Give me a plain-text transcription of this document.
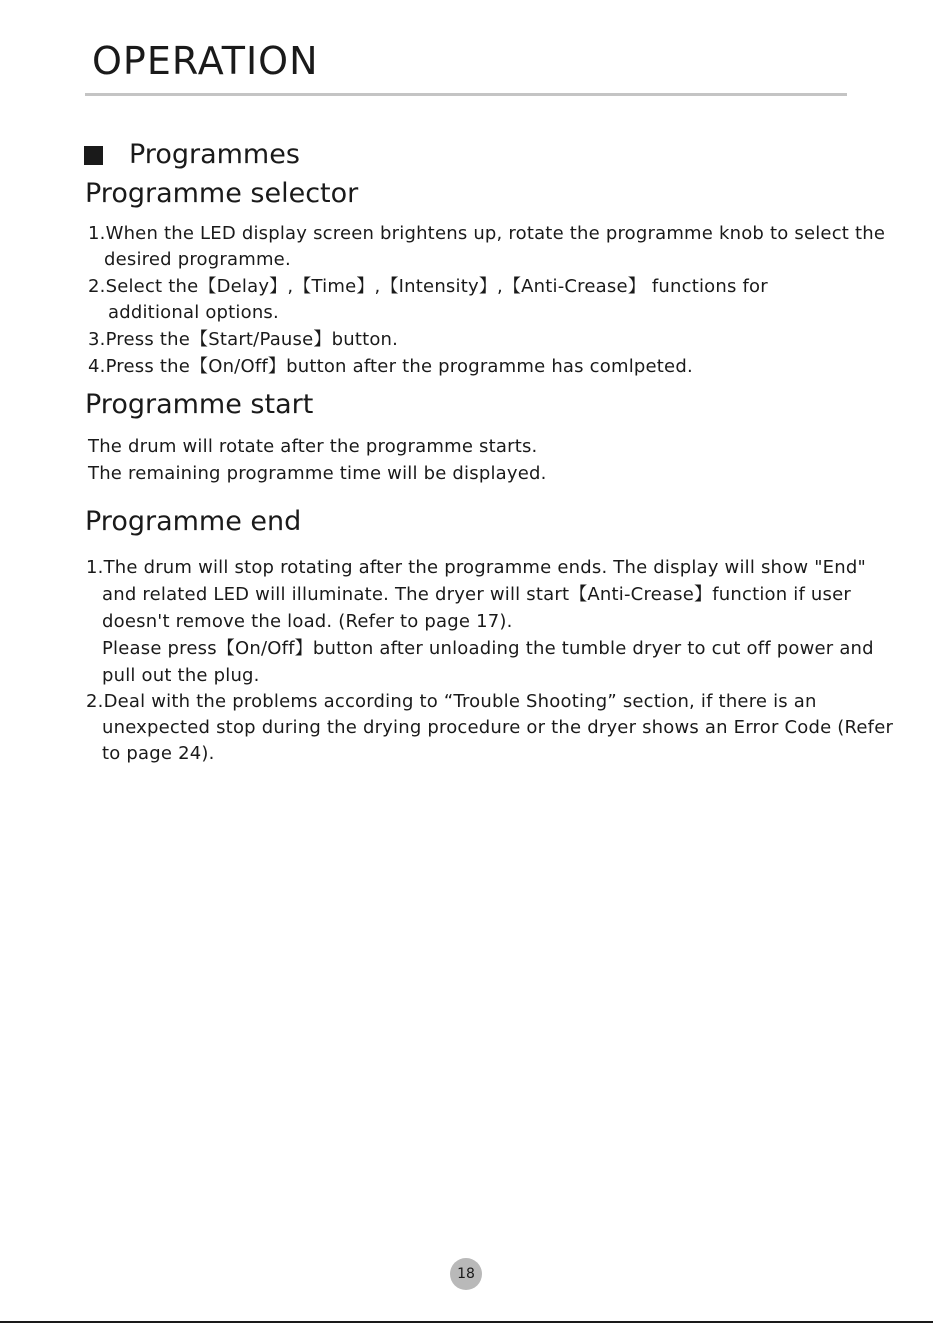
OPERATION
Programmes
Programme selector
1.When the LED display screen brightens up, rotate the programme knob to select the
desired programme.
2.Select the【Delay】,【Time】,【Intensity】,【Anti-Crease】 functions for
additional options.
3.Press the【Start/Pause】button.
4.Press the【On/Off】button after the programme has comlpeted.
Programme start
The drum will rotate after the programme starts.
The remaining programme time will be displayed.
Programme end
1.The drum will stop rotating after the programme ends. The display will show "End"
and related LED will illuminate. The dryer will start【Anti-Crease】function if user
doesn't remove the load. (Refer to page 17).
Please press【On/Off】button after unloading the tumble dryer to cut off power and
pull out the plug.
2.Deal with the problems according to “Trouble Shooting” section, if there is an
unexpected stop during the drying procedure or the dryer shows an Error Code (Refer
to page 24).
18
